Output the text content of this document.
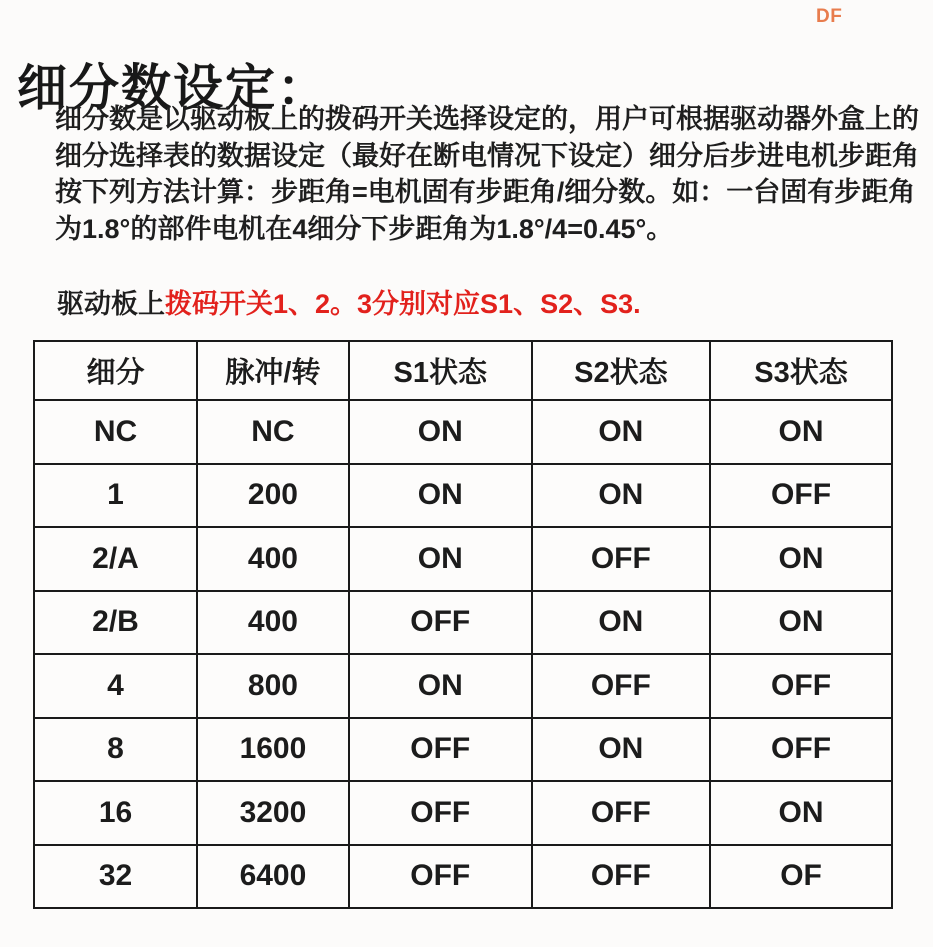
DF
细分数设定：
细分数是以驱动板上的拨码开关选择设定的，用户可根据驱动器外盒上的
细分选择表的数据设定（最好在断电情况下设定）细分后步进电机步距角
按下列方法计算：步距角=电机固有步距角/细分数。如：一台固有步距角
为1.8°的部件电机在4细分下步距角为1.8°/4=0.45°。
驱动板上拨码开关1、2。3分别对应S1、S2、S3.
细分	脉冲/转	S1状态	S2状态	S3状态
NC	NC	ON	ON	ON
1	200	ON	ON	OFF
2/A	400	ON	OFF	ON
2/B	400	OFF	ON	ON
4	800	ON	OFF	OFF
8	1600	OFF	ON	OFF
16	3200	OFF	OFF	ON
32	6400	OFF	OFF	OF
